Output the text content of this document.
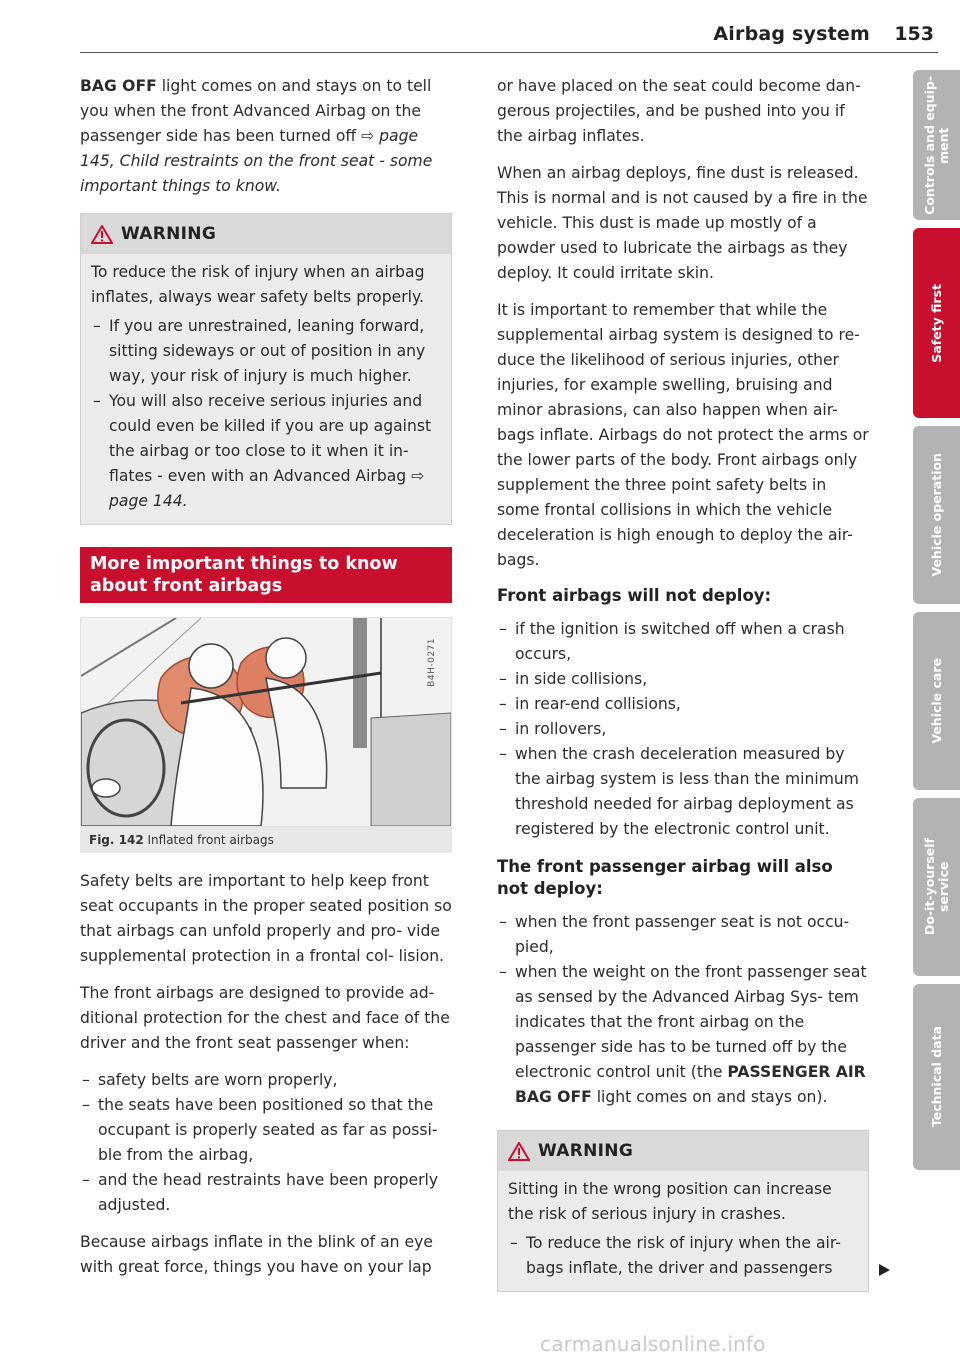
Airbag system 153

BAG OFF light comes on and stays on to tell you when the front Advanced Airbag on the passenger side has been turned off ⇨ page 145, Child restraints on the front seat - some important things to know.

WARNING

To reduce the risk of injury when an airbag inflates, always wear safety belts properly.

– If you are unrestrained, leaning forward, sitting sideways or out of position in any way, your risk of injury is much higher.
– You will also receive serious injuries and could even be killed if you are up against the airbag or too close to it when it in- flates - even with an Advanced Airbag ⇨ page 144.
More important things to know about front airbags
B4H-0271
Fig. 142 Inflated front airbags

Safety belts are important to help keep front seat occupants in the proper seated position so that airbags can unfold properly and pro- vide supplemental protection in a frontal col- lision.

The front airbags are designed to provide ad- ditional protection for the chest and face of the driver and the front seat passenger when:

– safety belts are worn properly,
– the seats have been positioned so that the occupant is properly seated as far as possi- ble from the airbag,
– and the head restraints have been properly adjusted.

Because airbags inflate in the blink of an eye with great force, things you have on your lap

or have placed on the seat could become dan- gerous projectiles, and be pushed into you if the airbag inflates.

When an airbag deploys, fine dust is released. This is normal and is not caused by a fire in the vehicle. This dust is made up mostly of a powder used to lubricate the airbags as they deploy. It could irritate skin.

It is important to remember that while the supplemental airbag system is designed to re- duce the likelihood of serious injuries, other injuries, for example swelling, bruising and minor abrasions, can also happen when air- bags inflate. Airbags do not protect the arms or the lower parts of the body. Front airbags only supplement the three point safety belts in some frontal collisions in which the vehicle deceleration is high enough to deploy the air- bags.

Front airbags will not deploy:
– if the ignition is switched off when a crash occurs,
– in side collisions,
– in rear-end collisions,
– in rollovers,
– when the crash deceleration measured by the airbag system is less than the minimum threshold needed for airbag deployment as registered by the electronic control unit.
The front passenger airbag will also not deploy:
– when the front passenger seat is not occu- pied,
– when the weight on the front passenger seat as sensed by the Advanced Airbag Sys- tem indicates that the front airbag on the passenger side has to be turned off by the electronic control unit (the PASSENGER AIR BAG OFF light comes on and stays on).
WARNING

Sitting in the wrong position can increase the risk of serious injury in crashes.

– To reduce the risk of injury when the air- bags inflate, the driver and passengers
Controls and equip-
ment
Safety first
Vehicle operation
Vehicle care
Do-it-yourself
service
Technical data
carmanualsonline.info
